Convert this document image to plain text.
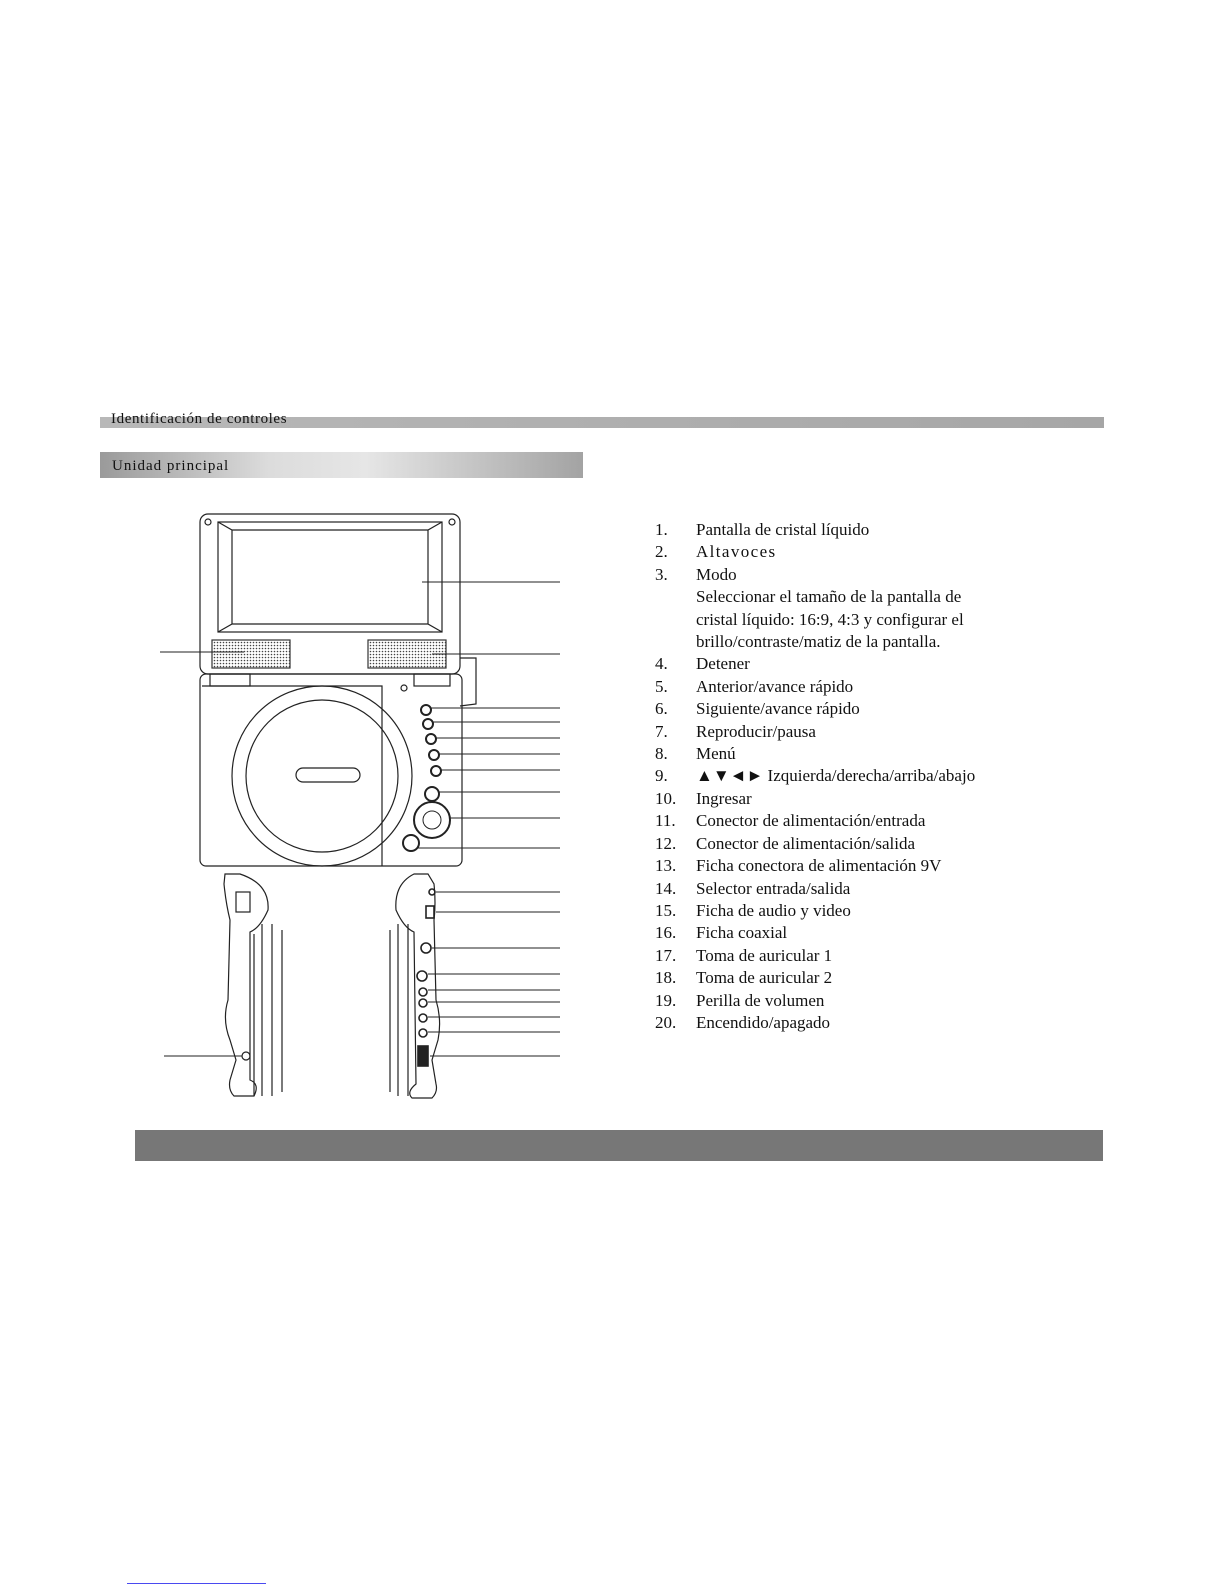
Identificación de controles
Unidad principal
1.	Pantalla de cristal líquido
2.	Altavoces
3.	Modo
Seleccionar el tamaño de la pantalla de
cristal líquido: 16:9, 4:3 y configurar el
brillo/contraste/matiz de la pantalla.
4.	Detener
5.	Anterior/avance rápido
6.	Siguiente/avance rápido
7.	Reproducir/pausa
8.	Menú
9.	▲▼◄► Izquierda/derecha/arriba/abajo
10.	Ingresar
11.	Conector de alimentación/entrada
12.	Conector de alimentación/salida
13.	Ficha conectora de alimentación 9V
14.	Selector entrada/salida
15.	Ficha de audio y video
16.	Ficha coaxial
17.	Toma de auricular 1
18.	Toma de auricular 2
19.	Perilla de volumen
20.	Encendido/apagado
